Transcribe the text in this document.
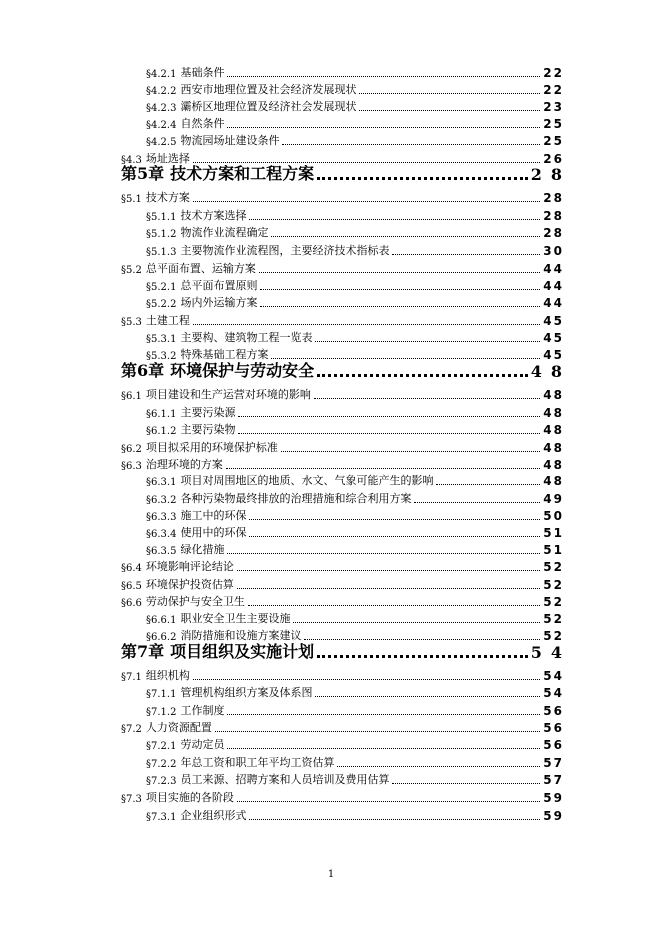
§4.2.1 基础条件	22
§4.2.2 西安市地理位置及社会经济发展现状	22
§4.2.3 灞桥区地理位置及经济社会发展现状	23
§4.2.4 自然条件	25
§4.2.5 物流园场址建设条件	25
§4.3 场址选择	26
第5章 技术方案和工程方案	28
§5.1 技术方案	28
§5.1.1 技术方案选择	28
§5.1.2 物流作业流程确定	28
§5.1.3 主要物流作业流程图，主要经济技术指标表	30
§5.2 总平面布置、运输方案	44
§5.2.1 总平面布置原则	44
§5.2.2 场内外运输方案	44
§5.3 土建工程	45
§5.3.1 主要构、建筑物工程一览表	45
§5.3.2 特殊基础工程方案	45
第6章 环境保护与劳动安全	48
§6.1 项目建设和生产运营对环境的影响	48
§6.1.1 主要污染源	48
§6.1.2 主要污染物	48
§6.2 项目拟采用的环境保护标准	48
§6.3 治理环境的方案	48
§6.3.1 项目对周围地区的地质、水文、气象可能产生的影响	48
§6.3.2 各种污染物最终排放的治理措施和综合利用方案	49
§6.3.3 施工中的环保	50
§6.3.4 使用中的环保	51
§6.3.5 绿化措施	51
§6.4 环境影响评论结论	52
§6.5 环境保护投资估算	52
§6.6 劳动保护与安全卫生	52
§6.6.1 职业安全卫生主要设施	52
§6.6.2 消防措施和设施方案建议	52
第7章 项目组织及实施计划	54
§7.1 组织机构	54
§7.1.1 管理机构组织方案及体系图	54
§7.1.2 工作制度	56
§7.2 人力资源配置	56
§7.2.1 劳动定员	56
§7.2.2 年总工资和职工年平均工资估算	57
§7.2.3 员工来源、招聘方案和人员培训及费用估算	57
§7.3 项目实施的各阶段	59
§7.3.1 企业组织形式	59
1
